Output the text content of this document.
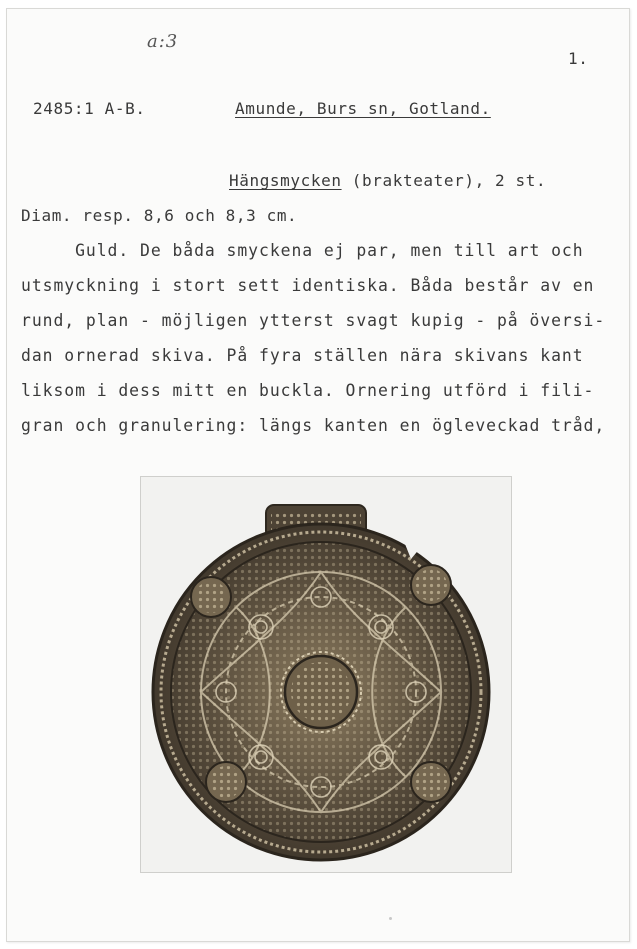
a:3
1.
2485:1 A-B.	Amunde, Burs sn, Gotland.
Hängsmycken (brakteater), 2 st.
Diam. resp. 8,6 och 8,3 cm.
Guld. De båda smyckena ej par, men till art och
utsmyckning i stort sett identiska. Båda består av en
rund, plan - möjligen ytterst svagt kupig - på översi-
dan ornerad skiva. På fyra ställen nära skivans kant
liksom i dess mitt en buckla. Ornering utförd i fili-
gran och granulering: längs kanten en ögleveckad tråd,
